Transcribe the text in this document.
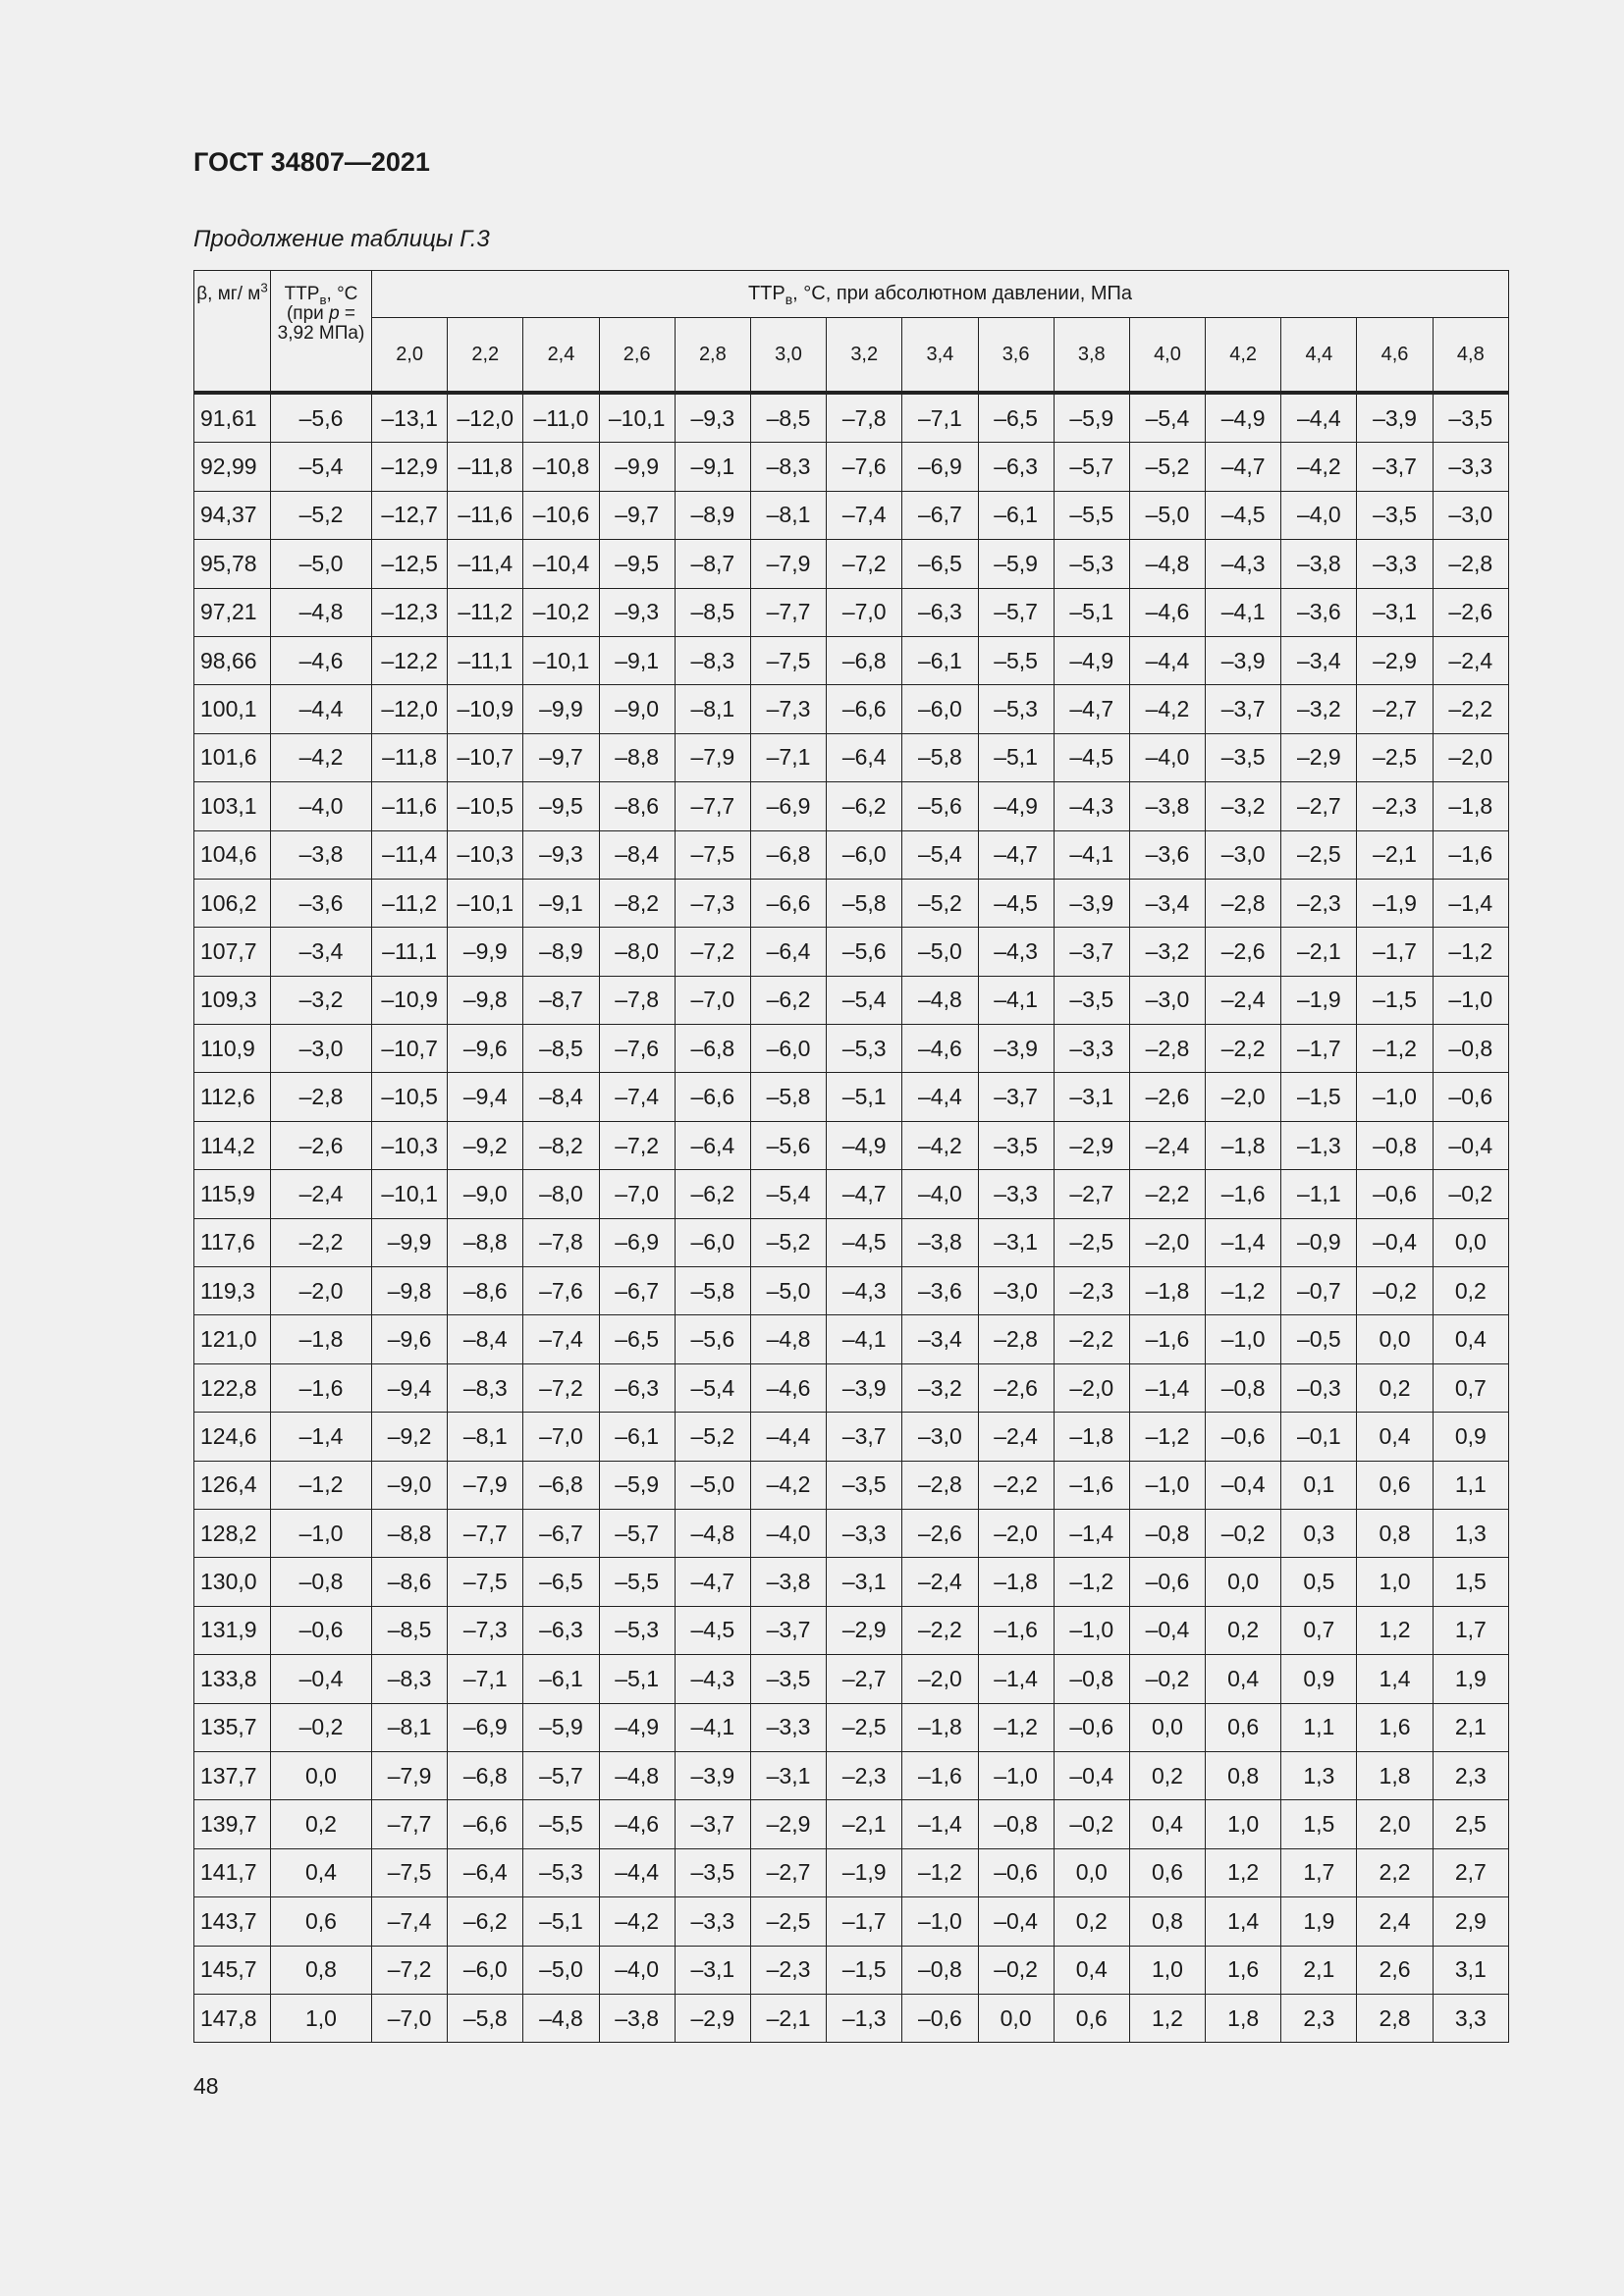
ГОСТ 34807—2021
Продолжение таблицы Г.3
β, мг/ $м^3$	$ТТР_в$, °С (при p = 3,92 МПа)	$ТТР_в$, °С, при абсолютном давлении, МПа														
		2,0	2,2	2,4	2,6	2,8	3,0	3,2	3,4	3,6	3,8	4,0	4,2	4,4	4,6	4,8
91,61	–5,6	–13,1	–12,0	–11,0	–10,1	–9,3	–8,5	–7,8	–7,1	–6,5	–5,9	–5,4	–4,9	–4,4	–3,9	–3,5
92,99	–5,4	–12,9	–11,8	–10,8	–9,9	–9,1	–8,3	–7,6	–6,9	–6,3	–5,7	–5,2	–4,7	–4,2	–3,7	–3,3
94,37	–5,2	–12,7	–11,6	–10,6	–9,7	–8,9	–8,1	–7,4	–6,7	–6,1	–5,5	–5,0	–4,5	–4,0	–3,5	–3,0
95,78	–5,0	–12,5	–11,4	–10,4	–9,5	–8,7	–7,9	–7,2	–6,5	–5,9	–5,3	–4,8	–4,3	–3,8	–3,3	–2,8
97,21	–4,8	–12,3	–11,2	–10,2	–9,3	–8,5	–7,7	–7,0	–6,3	–5,7	–5,1	–4,6	–4,1	–3,6	–3,1	–2,6
98,66	–4,6	–12,2	–11,1	–10,1	–9,1	–8,3	–7,5	–6,8	–6,1	–5,5	–4,9	–4,4	–3,9	–3,4	–2,9	–2,4
100,1	–4,4	–12,0	–10,9	–9,9	–9,0	–8,1	–7,3	–6,6	–6,0	–5,3	–4,7	–4,2	–3,7	–3,2	–2,7	–2,2
101,6	–4,2	–11,8	–10,7	–9,7	–8,8	–7,9	–7,1	–6,4	–5,8	–5,1	–4,5	–4,0	–3,5	–2,9	–2,5	–2,0
103,1	–4,0	–11,6	–10,5	–9,5	–8,6	–7,7	–6,9	–6,2	–5,6	–4,9	–4,3	–3,8	–3,2	–2,7	–2,3	–1,8
104,6	–3,8	–11,4	–10,3	–9,3	–8,4	–7,5	–6,8	–6,0	–5,4	–4,7	–4,1	–3,6	–3,0	–2,5	–2,1	–1,6
106,2	–3,6	–11,2	–10,1	–9,1	–8,2	–7,3	–6,6	–5,8	–5,2	–4,5	–3,9	–3,4	–2,8	–2,3	–1,9	–1,4
107,7	–3,4	–11,1	–9,9	–8,9	–8,0	–7,2	–6,4	–5,6	–5,0	–4,3	–3,7	–3,2	–2,6	–2,1	–1,7	–1,2
109,3	–3,2	–10,9	–9,8	–8,7	–7,8	–7,0	–6,2	–5,4	–4,8	–4,1	–3,5	–3,0	–2,4	–1,9	–1,5	–1,0
110,9	–3,0	–10,7	–9,6	–8,5	–7,6	–6,8	–6,0	–5,3	–4,6	–3,9	–3,3	–2,8	–2,2	–1,7	–1,2	–0,8
112,6	–2,8	–10,5	–9,4	–8,4	–7,4	–6,6	–5,8	–5,1	–4,4	–3,7	–3,1	–2,6	–2,0	–1,5	–1,0	–0,6
114,2	–2,6	–10,3	–9,2	–8,2	–7,2	–6,4	–5,6	–4,9	–4,2	–3,5	–2,9	–2,4	–1,8	–1,3	–0,8	–0,4
115,9	–2,4	–10,1	–9,0	–8,0	–7,0	–6,2	–5,4	–4,7	–4,0	–3,3	–2,7	–2,2	–1,6	–1,1	–0,6	–0,2
117,6	–2,2	–9,9	–8,8	–7,8	–6,9	–6,0	–5,2	–4,5	–3,8	–3,1	–2,5	–2,0	–1,4	–0,9	–0,4	0,0
119,3	–2,0	–9,8	–8,6	–7,6	–6,7	–5,8	–5,0	–4,3	–3,6	–3,0	–2,3	–1,8	–1,2	–0,7	–0,2	0,2
121,0	–1,8	–9,6	–8,4	–7,4	–6,5	–5,6	–4,8	–4,1	–3,4	–2,8	–2,2	–1,6	–1,0	–0,5	0,0	0,4
122,8	–1,6	–9,4	–8,3	–7,2	–6,3	–5,4	–4,6	–3,9	–3,2	–2,6	–2,0	–1,4	–0,8	–0,3	0,2	0,7
124,6	–1,4	–9,2	–8,1	–7,0	–6,1	–5,2	–4,4	–3,7	–3,0	–2,4	–1,8	–1,2	–0,6	–0,1	0,4	0,9
126,4	–1,2	–9,0	–7,9	–6,8	–5,9	–5,0	–4,2	–3,5	–2,8	–2,2	–1,6	–1,0	–0,4	0,1	0,6	1,1
128,2	–1,0	–8,8	–7,7	–6,7	–5,7	–4,8	–4,0	–3,3	–2,6	–2,0	–1,4	–0,8	–0,2	0,3	0,8	1,3
130,0	–0,8	–8,6	–7,5	–6,5	–5,5	–4,7	–3,8	–3,1	–2,4	–1,8	–1,2	–0,6	0,0	0,5	1,0	1,5
131,9	–0,6	–8,5	–7,3	–6,3	–5,3	–4,5	–3,7	–2,9	–2,2	–1,6	–1,0	–0,4	0,2	0,7	1,2	1,7
133,8	–0,4	–8,3	–7,1	–6,1	–5,1	–4,3	–3,5	–2,7	–2,0	–1,4	–0,8	–0,2	0,4	0,9	1,4	1,9
135,7	–0,2	–8,1	–6,9	–5,9	–4,9	–4,1	–3,3	–2,5	–1,8	–1,2	–0,6	0,0	0,6	1,1	1,6	2,1
137,7	0,0	–7,9	–6,8	–5,7	–4,8	–3,9	–3,1	–2,3	–1,6	–1,0	–0,4	0,2	0,8	1,3	1,8	2,3
139,7	0,2	–7,7	–6,6	–5,5	–4,6	–3,7	–2,9	–2,1	–1,4	–0,8	–0,2	0,4	1,0	1,5	2,0	2,5
141,7	0,4	–7,5	–6,4	–5,3	–4,4	–3,5	–2,7	–1,9	–1,2	–0,6	0,0	0,6	1,2	1,7	2,2	2,7
143,7	0,6	–7,4	–6,2	–5,1	–4,2	–3,3	–2,5	–1,7	–1,0	–0,4	0,2	0,8	1,4	1,9	2,4	2,9
145,7	0,8	–7,2	–6,0	–5,0	–4,0	–3,1	–2,3	–1,5	–0,8	–0,2	0,4	1,0	1,6	2,1	2,6	3,1
147,8	1,0	–7,0	–5,8	–4,8	–3,8	–2,9	–2,1	–1,3	–0,6	0,0	0,6	1,2	1,8	2,3	2,8	3,3
48
